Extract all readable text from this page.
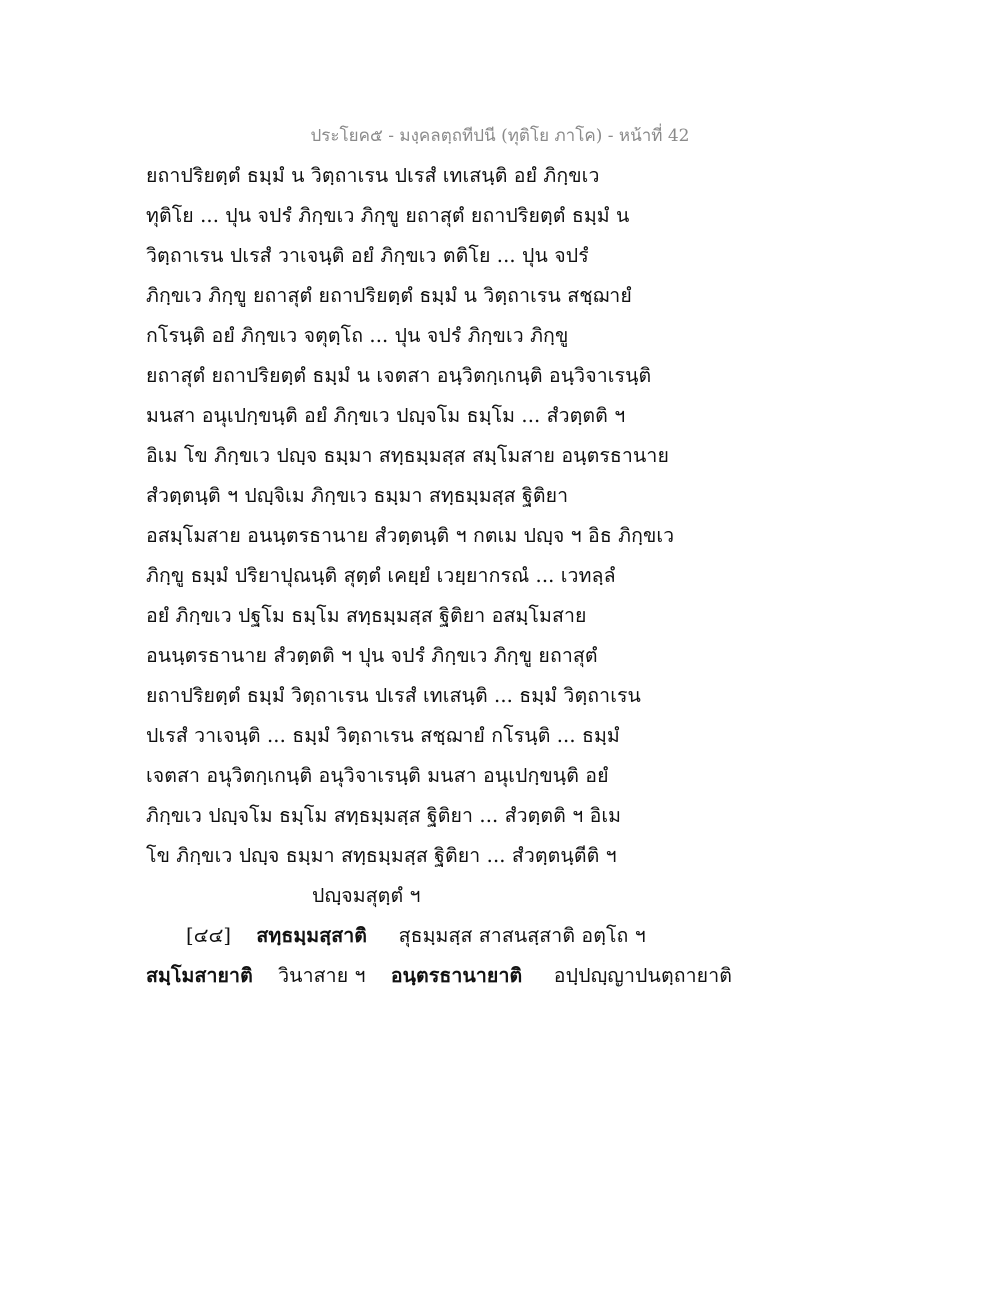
ประโยค๕ - มงฺคลตฺถทีปนี (ทุติโย ภาโค) - หน้าที่ 42
ยถาปริยตฺตํ ธมฺมํ น วิตฺถาเรน ปเรสํ เทเสนฺติ อยํ ภิกฺขเว
ทุติโย ... ปุน จปรํ ภิกฺขเว ภิกฺขู ยถาสุตํ ยถาปริยตฺตํ ธมฺมํ น
วิตฺถาเรน ปเรสํ วาเจนฺติ อยํ ภิกฺขเว ตติโย ... ปุน จปรํ
ภิกฺขเว ภิกฺขู ยถาสุตํ ยถาปริยตฺตํ ธมฺมํ น วิตฺถาเรน สชฺฌายํ
กโรนฺติ อยํ ภิกฺขเว จตุตฺโถ ... ปุน จปรํ ภิกฺขเว ภิกฺขู
ยถาสุตํ ยถาปริยตฺตํ ธมฺมํ น เจตสา อนฺวิตกฺเกนฺติ อนฺวิจาเรนฺติ
มนสา อนุเปกฺขนฺติ อยํ ภิกฺขเว ปญฺจโม ธมฺโม ... สํวตฺตติ ฯ
อิเม โข ภิกฺขเว ปญฺจ ธมฺมา สทฺธมฺมสฺส สมฺโมสาย อนฺตรธานาย
สํวตฺตนฺติ ฯ ปญฺจิเม ภิกฺขเว ธมฺมา สทฺธมฺมสฺส ฐิติยา
อสมฺโมสาย อนนฺตรธานาย สํวตฺตนฺติ ฯ กตเม ปญฺจ ฯ อิธ ภิกฺขเว
ภิกฺขู ธมฺมํ ปริยาปุณนฺติ สุตฺตํ เคยฺยํ เวยฺยากรณํ ... เวทลฺลํ
อยํ ภิกฺขเว ปฐโม ธมฺโม สทฺธมฺมสฺส ฐิติยา อสมฺโมสาย
อนนฺตรธานาย สํวตฺตติ ฯ ปุน จปรํ ภิกฺขเว ภิกฺขู ยถาสุตํ
ยถาปริยตฺตํ ธมฺมํ วิตฺถาเรน ปเรสํ เทเสนฺติ ... ธมฺมํ วิตฺถาเรน
ปเรสํ วาเจนฺติ ... ธมฺมํ วิตฺถาเรน สชฺฌายํ กโรนฺติ ... ธมฺมํ
เจตสา อนุวิตกฺเกนฺติ อนุวิจาเรนฺติ มนสา อนุเปกฺขนฺติ อยํ
ภิกฺขเว ปญฺจโม ธมฺโม สทฺธมฺมสฺส ฐิติยา ... สํวตฺตติ ฯ อิเม
โข ภิกฺขเว ปญฺจ ธมฺมา สทฺธมฺมสฺส ฐิติยา ... สํวตฺตนฺตีติ ฯ
ปญฺจมสุตฺตํ ฯ
[๔๔] สทฺธมฺมสฺสาติ สุธมฺมสฺส สาสนสฺสาติ อตฺโถ ฯ
สมฺโมสายาติ วินาสาย ฯ อนฺตรธานายาติ อปฺปญฺญาปนตฺถายาติ
